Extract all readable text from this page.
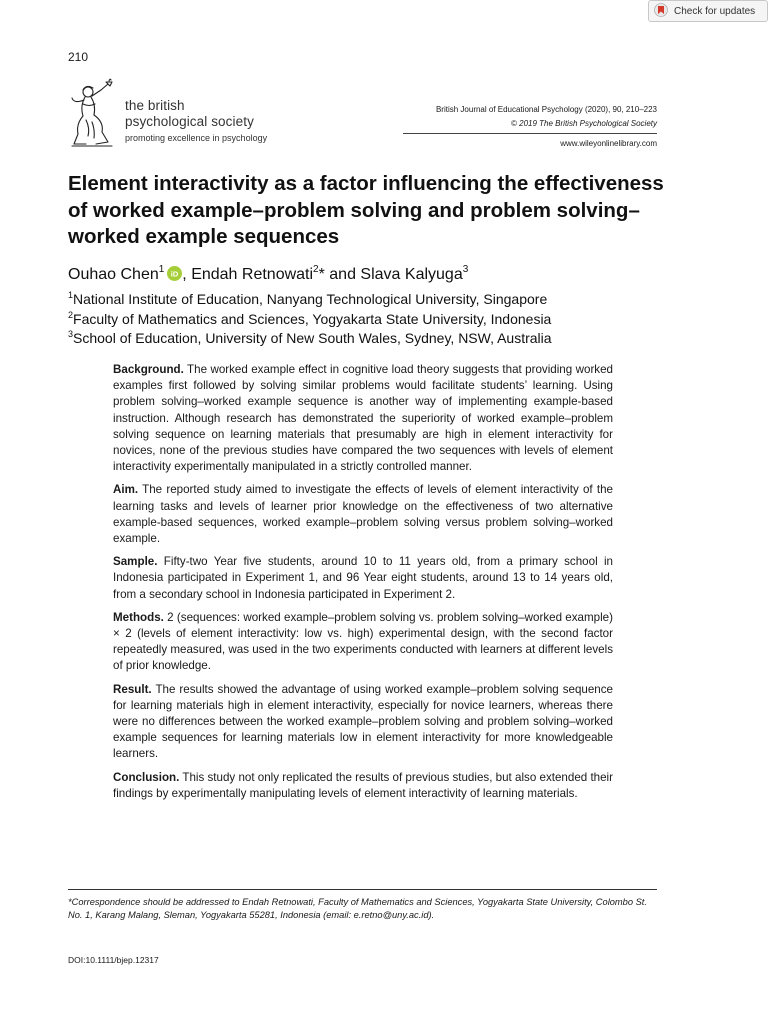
Check for updates
210
the british
psychological society
promoting excellence in psychology
British Journal of Educational Psychology (2020), 90, 210–223
© 2019 The British Psychological Society
www.wileyonlinelibrary.com
Element interactivity as a factor influencing the effectiveness of worked example–problem solving and problem solving–worked example sequences
Ouhao Chen$^1$ iD , Endah Retnowati$^2$* and Slava Kalyuga$^3$
$^1$National Institute of Education, Nanyang Technological University, Singapore
$^2$Faculty of Mathematics and Sciences, Yogyakarta State University, Indonesia
$^3$School of Education, University of New South Wales, Sydney, NSW, Australia

Background. The worked example effect in cognitive load theory suggests that providing worked examples first followed by solving similar problems would facilitate students’ learning. Using problem solving–worked example sequence is another way of implementing example-based instruction. Although research has demonstrated the superiority of worked example–problem solving sequence on learning materials that presumably are high in element interactivity for novices, none of the previous studies have compared the two sequences with levels of element interactivity experimentally manipulated in a strictly controlled manner.

Aim. The reported study aimed to investigate the effects of levels of element interactivity of the learning tasks and levels of learner prior knowledge on the effectiveness of two alternative example-based sequences, worked example–problem solving versus problem solving–worked example.

Sample. Fifty-two Year five students, around 10 to 11 years old, from a primary school in Indonesia participated in Experiment 1, and 96 Year eight students, around 13 to 14 years old, from a secondary school in Indonesia participated in Experiment 2.

Methods. 2 (sequences: worked example–problem solving vs. problem solving–worked example) × 2 (levels of element interactivity: low vs. high) experimental design, with the second factor repeatedly measured, was used in the two experiments conducted with learners at different levels of prior knowledge.

Result. The results showed the advantage of using worked example–problem solving sequence for learning materials high in element interactivity, especially for novice learners, whereas there were no differences between the worked example–problem solving and problem solving–worked example sequences for learning materials low in element interactivity for more knowledgeable learners.

Conclusion. This study not only replicated the results of previous studies, but also extended their findings by experimentally manipulating levels of element interactivity of learning materials.

*Correspondence should be addressed to Endah Retnowati, Faculty of Mathematics and Sciences, Yogyakarta State University, Colombo St. No. 1, Karang Malang, Sleman, Yogyakarta 55281, Indonesia (email: e.retno@uny.ac.id).

DOI:10.1111/bjep.12317
